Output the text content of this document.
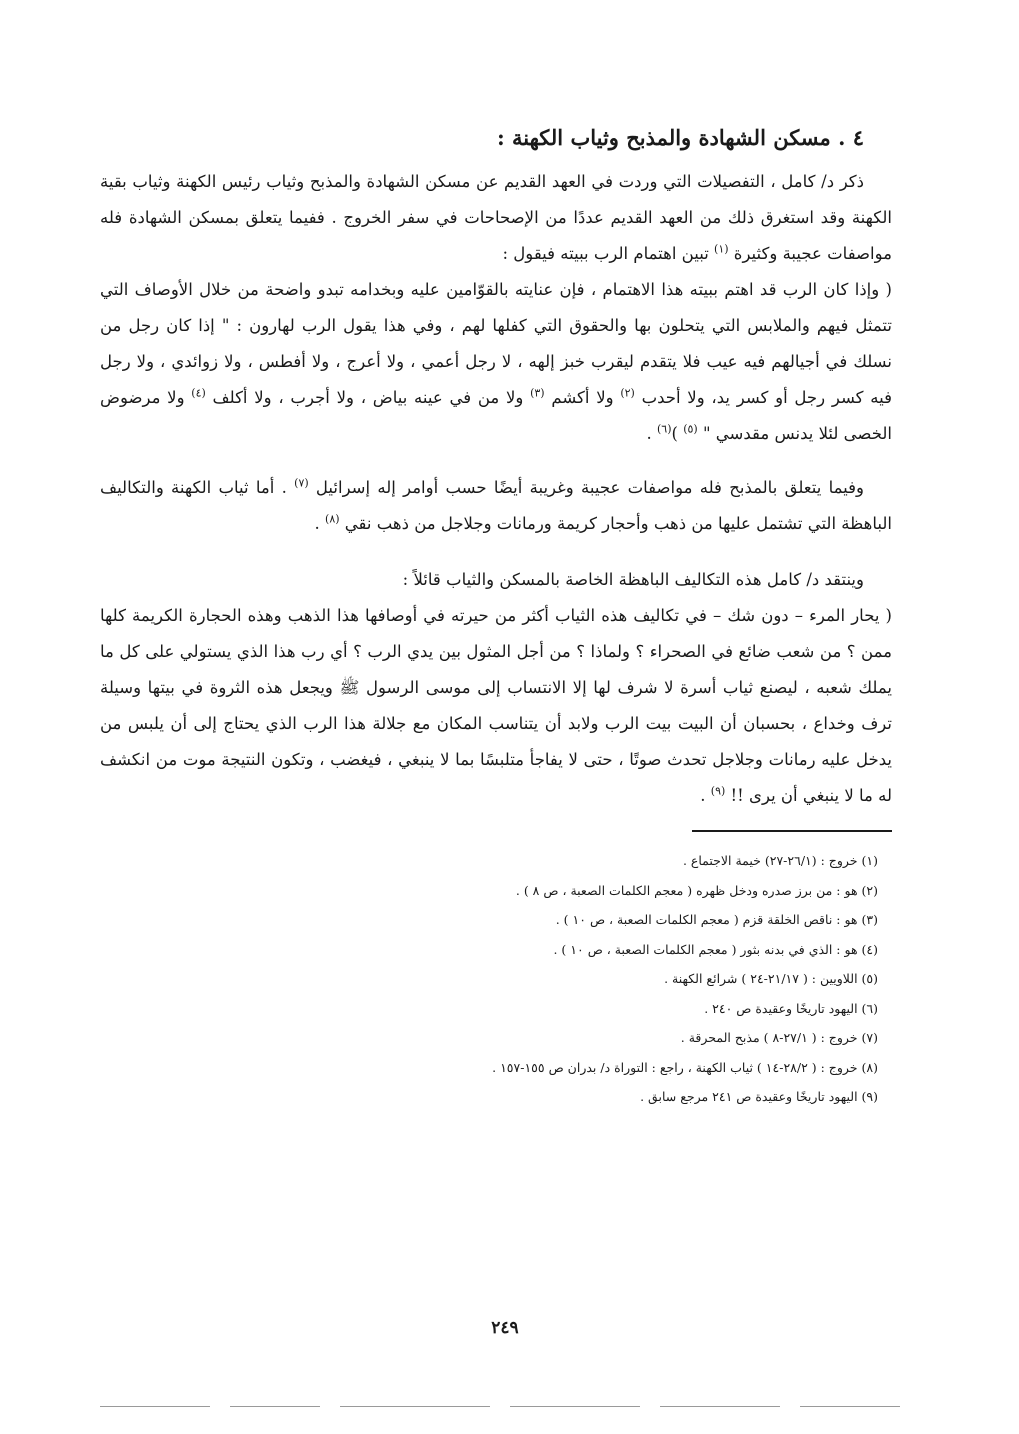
٤ . مسكن الشهادة والمذبح وثياب الكهنة :

ذكر د/ كامل ، التفصيلات التي وردت في العهد القديم عن مسكن الشهادة والمذبح وثياب رئيس الكهنة وثياب بقية الكهنة وقد استغرق ذلك من العهد القديم عددًا من الإصحاحات في سفر الخروج . ففيما يتعلق بمسكن الشهادة فله مواصفات عجيبة وكثيرة $^{(١)}$ تبين اهتمام الرب ببيته فيقول :

( وإذا كان الرب قد اهتم ببيته هذا الاهتمام ، فإن عنايته بالقوّامين عليه وبخدامه تبدو واضحة من خلال الأوصاف التي تتمثل فيهم والملابس التي يتحلون بها والحقوق التي كفلها لهم ، وفي هذا يقول الرب لهارون : " إذا كان رجل من نسلك في أجيالهم فيه عيب فلا يتقدم ليقرب خبز إلهه ، لا رجل أعمي ، ولا أعرج ، ولا أفطس ، ولا زوائدي ، ولا رجل فيه كسر رجل أو كسر يد، ولا أحدب $^{(٢)}$ ولا أكشم $^{(٣)}$ ولا من في عينه بياض ، ولا أجرب ، ولا أكلف $^{(٤)}$ ولا مرضوض الخصى لئلا يدنس مقدسي " $^{(٥)}$ )$^{(٦)}$ .

وفيما يتعلق بالمذبح فله مواصفات عجيبة وغريبة أيضًا حسب أوامر إله إسرائيل $^{(٧)}$ . أما ثياب الكهنة والتكاليف الباهظة التي تشتمل عليها من ذهب وأحجار كريمة ورمانات وجلاجل من ذهب نقي $^{(٨)}$ .

وينتقد د/ كامل هذه التكاليف الباهظة الخاصة بالمسكن والثياب قائلاً :

( يحار المرء – دون شك – في تكاليف هذه الثياب أكثر من حيرته في أوصافها هذا الذهب وهذه الحجارة الكريمة كلها ممن ؟ من شعب ضائع في الصحراء ؟ ولماذا ؟ من أجل المثول بين يدي الرب ؟ أي رب هذا الذي يستولي على كل ما يملك شعبه ، ليصنع ثياب أسرة لا شرف لها إلا الانتساب إلى موسى الرسول ﷺ ويجعل هذه الثروة في بيتها وسيلة ترف وخداع ، بحسبان أن البيت بيت الرب ولابد أن يتناسب المكان مع جلالة هذا الرب الذي يحتاج إلى أن يلبس من يدخل عليه رمانات وجلاجل تحدث صوتًا ، حتى لا يفاجأ متلبسًا بما لا ينبغي ، فيغضب ، وتكون النتيجة موت من انكشف له ما لا ينبغي أن يرى !! $^{(٩)}$ .

(١) خروج : (٢٦/١-٢٧) خيمة الاجتماع .
(٢) هو : من برز صدره ودخل ظهره ( معجم الكلمات الصعبة ، ص ٨ ) .
(٣) هو : ناقص الخلقة قزم ( معجم الكلمات الصعبة ، ص ١٠ ) .
(٤) هو : الذي في بدنه بثور ( معجم الكلمات الصعبة ، ص ١٠ ) .
(٥) اللاويين : ( ٢١/١٧-٢٤ ) شرائع الكهنة .
(٦) اليهود تاريخًا وعقيدة ص ٢٤٠ .
(٧) خروج : ( ٢٧/١-٨ ) مذبح المحرقة .
(٨) خروج : ( ٢٨/٢-١٤ ) ثياب الكهنة ، راجع : التوراة د/ بدران ص ١٥٥-١٥٧ .
(٩) اليهود تاريخًا وعقيدة ص ٢٤١ مرجع سابق .
٢٤٩
